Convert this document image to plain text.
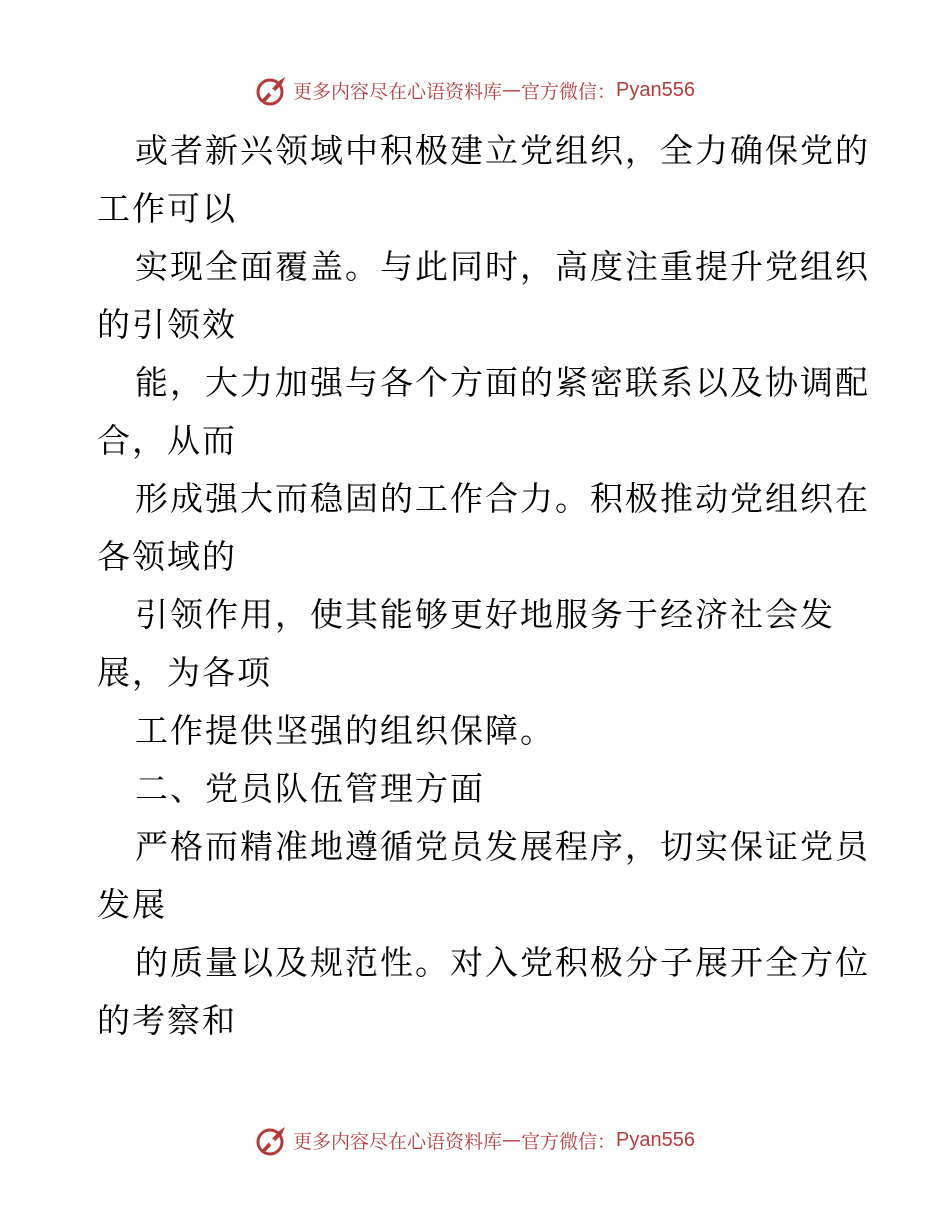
更多内容尽在心语资料库 — 官方微信： Pyan556
或者新兴领域中积极建立党组织，全力确保党的
工作可以
实现全面覆盖。与此同时，高度注重提升党组织
的引领效
能，大力加强与各个方面的紧密联系以及协调配
合，从而
形成强大而稳固的工作合力。积极推动党组织在
各领域的
引领作用，使其能够更好地服务于经济社会发
展，为各项
工作提供坚强的组织保障。
二、党员队伍管理方面
严格而精准地遵循党员发展程序，切实保证党员
发展
的质量以及规范性。对入党积极分子展开全方位
的考察和
更多内容尽在心语资料库 — 官方微信： Pyan556
